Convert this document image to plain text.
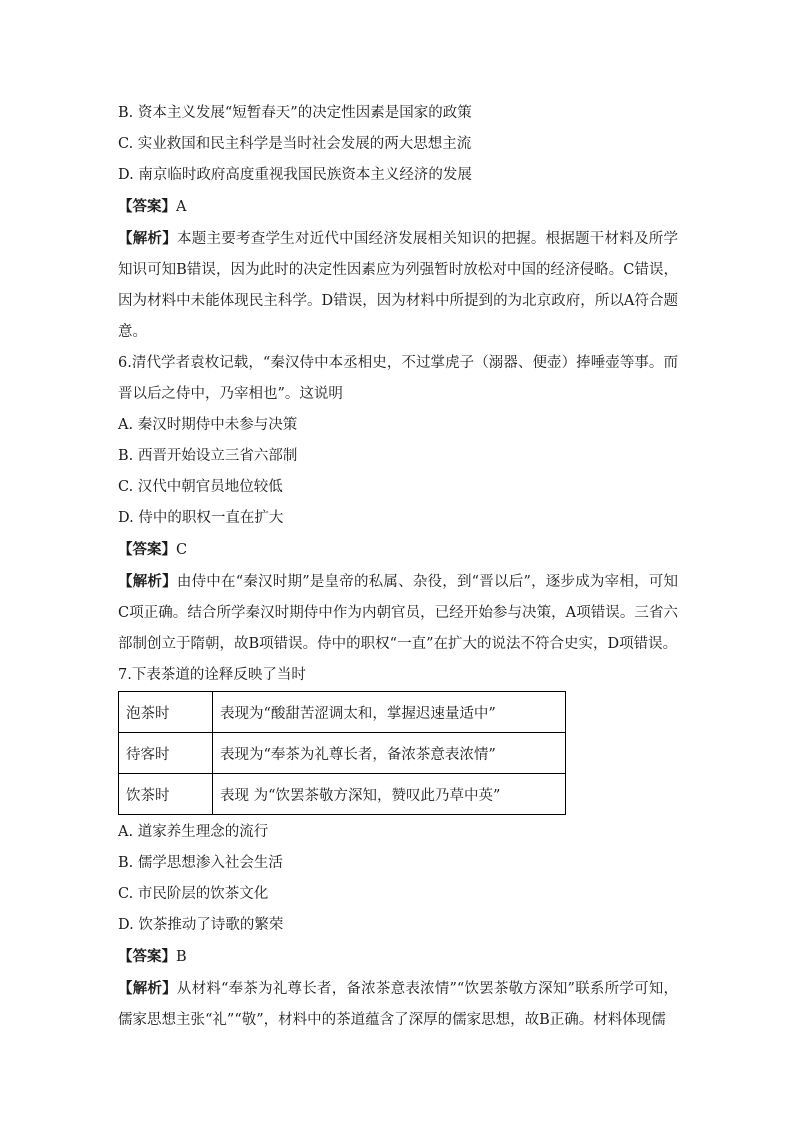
B. 资本主义发展“短暂春天”的决定性因素是国家的政策
C. 实业救国和民主科学是当时社会发展的两大思想主流
D. 南京临时政府高度重视我国民族资本主义经济的发展
【答案】A
【解析】本题主要考查学生对近代中国经济发展相关知识的把握。根据题干材料及所学知识可知B错误，因为此时的决定性因素应为列强暂时放松对中国的经济侵略。C错误，因为材料中未能体现民主科学。D错误，因为材料中所提到的为北京政府，所以A符合题意。
6.清代学者袁枚记载，“秦汉侍中本丞相史，不过掌虎子（溺器、便壶）捧唾壶等事。而晋以后之侍中，乃宰相也”。这说明
A. 秦汉时期侍中未参与决策
B. 西晋开始设立三省六部制
C. 汉代中朝官员地位较低
D. 侍中的职权一直在扩大
【答案】C
【解析】由侍中在“秦汉时期”是皇帝的私属、杂役，到“晋以后”，逐步成为宰相，可知C项正确。结合所学秦汉时期侍中作为内朝官员，已经开始参与决策，A项错误。三省六部制创立于隋朝，故B项错误。侍中的职权“一直”在扩大的说法不符合史实，D项错误。
7.下表茶道的诠释反映了当时
泡茶时	表现为“酸甜苦涩调太和，掌握迟速量适中”
待客时	表现为“奉茶为礼尊长者，备浓茶意表浓情”
饮茶时	表现 为“饮罢茶敬方深知，赞叹此乃草中英”
A. 道家养生理念的流行
B. 儒学思想渗入社会生活
C. 市民阶层的饮茶文化
D. 饮茶推动了诗歌的繁荣
【答案】B
【解析】从材料“奉茶为礼尊长者，备浓茶意表浓情”“饮罢茶敬方深知”联系所学可知，儒家思想主张“礼”“敬”，材料中的茶道蕴含了深厚的儒家思想，故B正确。材料体现儒
